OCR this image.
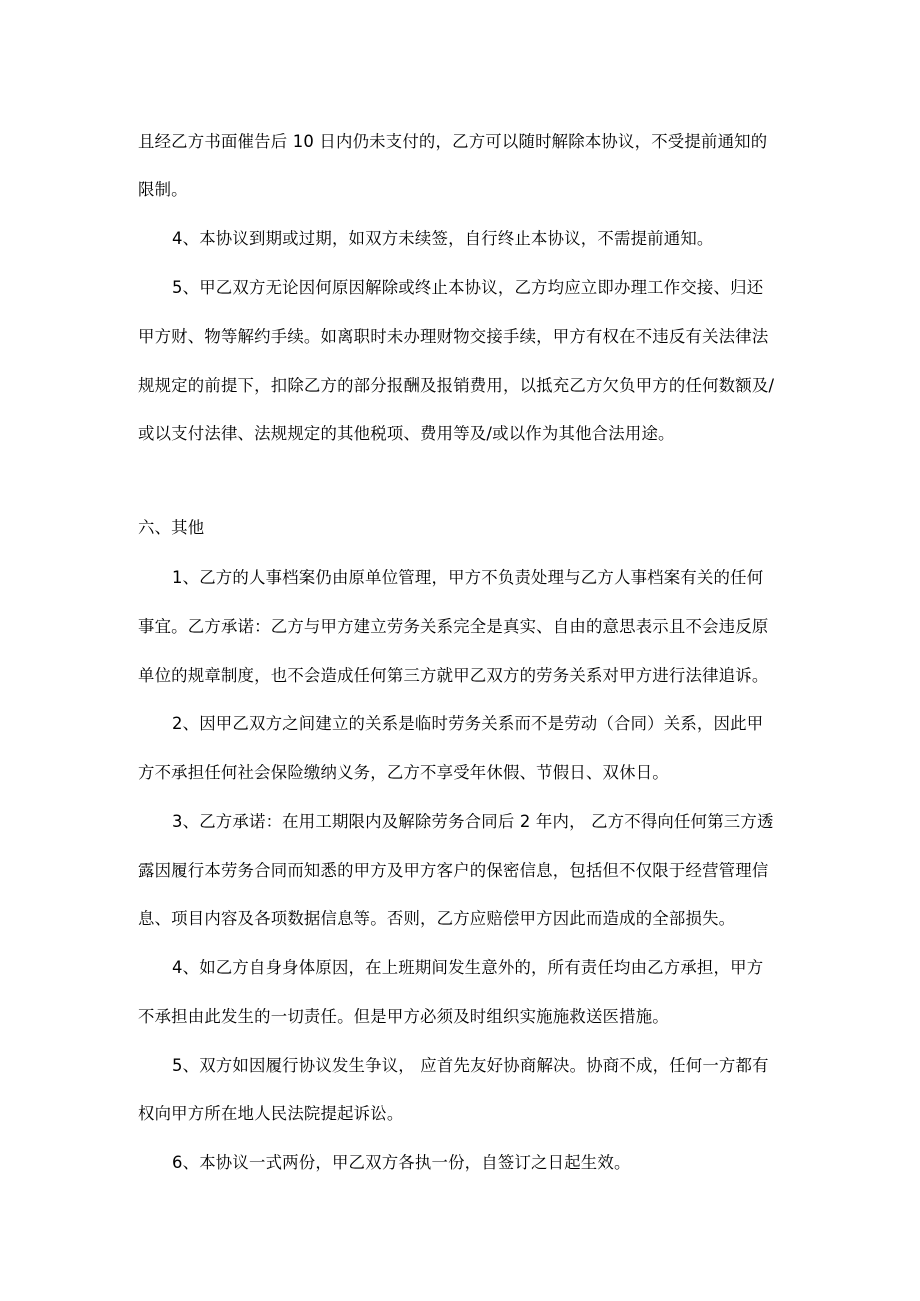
且经乙方书面催告后 10 日内仍未支付的，乙方可以随时解除本协议，不受提前通知的
限制。
4、本协议到期或过期，如双方未续签，自行终止本协议，不需提前通知。
5、甲乙双方无论因何原因解除或终止本协议，乙方均应立即办理工作交接、归还
甲方财、物等解约手续。如离职时未办理财物交接手续，甲方有权在不违反有关法律法
规规定的前提下，扣除乙方的部分报酬及报销费用，以抵充乙方欠负甲方的任何数额及/
或以支付法律、法规规定的其他税项、费用等及/或以作为其他合法用途。
六、其他
1、乙方的人事档案仍由原单位管理，甲方不负责处理与乙方人事档案有关的任何
事宜。乙方承诺：乙方与甲方建立劳务关系完全是真实、自由的意思表示且不会违反原
单位的规章制度，也不会造成任何第三方就甲乙双方的劳务关系对甲方进行法律追诉。
2、因甲乙双方之间建立的关系是临时劳务关系而不是劳动（合同）关系，因此甲
方不承担任何社会保险缴纳义务，乙方不享受年休假、节假日、双休日。
3、乙方承诺：在用工期限内及解除劳务合同后 2 年内， 乙方不得向任何第三方透
露因履行本劳务合同而知悉的甲方及甲方客户的保密信息，包括但不仅限于经营管理信
息、项目内容及各项数据信息等。否则，乙方应赔偿甲方因此而造成的全部损失。
4、如乙方自身身体原因，在上班期间发生意外的，所有责任均由乙方承担，甲方
不承担由此发生的一切责任。但是甲方必须及时组织实施施救送医措施。
5、双方如因履行协议发生争议， 应首先友好协商解决。协商不成，任何一方都有
权向甲方所在地人民法院提起诉讼。
6、本协议一式两份，甲乙双方各执一份，自签订之日起生效。
